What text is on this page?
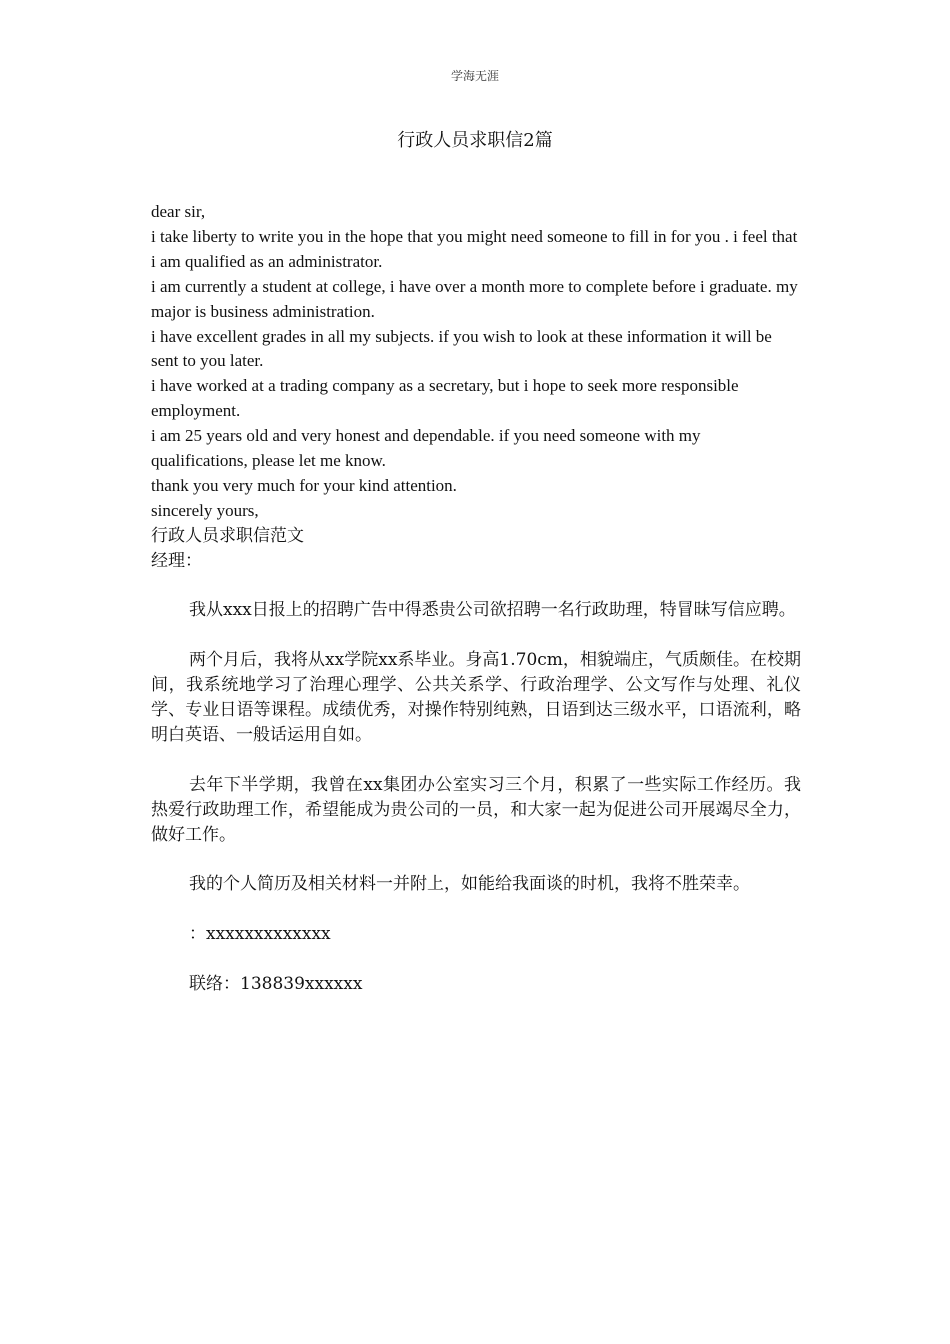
学海无涯
行政人员求职信2篇

dear sir,

i take liberty to write you in the hope that you might need someone to fill in for you . i feel that i am qualified as an administrator.

i am currently a student at college, i have over a month more to complete before i graduate. my major is business administration.

i have excellent grades in all my subjects. if you wish to look at these information it will be sent to you later.

i have worked at a trading company as a secretary, but i hope to seek more responsible employment.

i am 25 years old and very honest and dependable. if you need someone with my qualifications, please let me know.

thank you very much for your kind attention.

sincerely yours,

行政人员求职信范文

经理：

我从xxx日报上的招聘广告中得悉贵公司欲招聘一名行政助理，特冒昧写信应聘。

两个月后，我将从xx学院xx系毕业。身高1.70cm，相貌端庄，气质颇佳。在校期间，我系统地学习了治理心理学、公共关系学、行政治理学、公文写作与处理、礼仪学、专业日语等课程。成绩优秀，对操作特别纯熟，日语到达三级水平，口语流利，略明白英语、一般话运用自如。

去年下半学期，我曾在xx集团办公室实习三个月，积累了一些实际工作经历。我热爱行政助理工作，希望能成为贵公司的一员，和大家一起为促进公司开展竭尽全力，做好工作。

我的个人简历及相关材料一并附上，如能给我面谈的时机，我将不胜荣幸。

：xxxxxxxxxxxxx

联络：138839xxxxxx
